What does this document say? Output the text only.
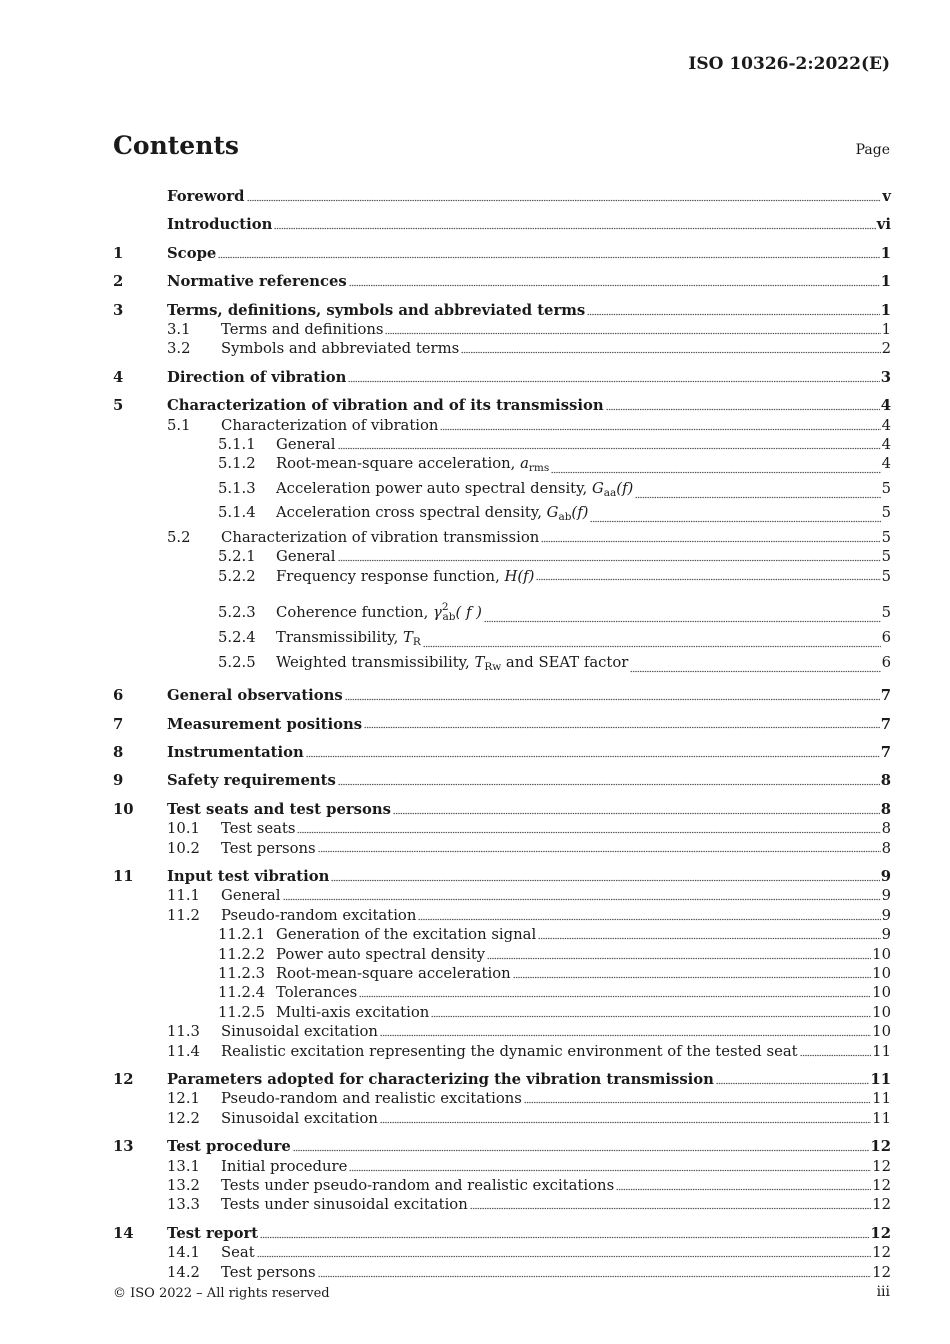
ISO 10326-2:2022(E)
Contents	Page
Foreword	v
Introduction	vi
1	Scope	1
2	Normative references	1
3	Terms, definitions, symbols and abbreviated terms	1
3.1	Terms and definitions	1
3.2	Symbols and abbreviated terms	2
4	Direction of vibration	3
5	Characterization of vibration and of its transmission	4
5.1	Characterization of vibration	4
5.1.1	General	4
5.1.2	Root-mean-square acceleration, $a_{rms}$	4
5.1.3	Acceleration power auto spectral density, $G_{aa}(f)$	5
5.1.4	Acceleration cross spectral density, $G_{ab}(f)$	5
5.2	Characterization of vibration transmission	5
5.2.1	General	5
5.2.2	Frequency response function, H(f)	5
5.2.3	Coherence function, $\gamma^2_{ab}$( f )	5
5.2.4	Transmissibility, $T_R$	6
5.2.5	Weighted transmissibility, $T_{Rw}$ and SEAT factor	6
6	General observations	7
7	Measurement positions	7
8	Instrumentation	7
9	Safety requirements	8
10	Test seats and test persons	8
10.1	Test seats	8
10.2	Test persons	8
11	Input test vibration	9
11.1	General	9
11.2	Pseudo-random excitation	9
11.2.1 Generation of the excitation signal	9
11.2.2 Power auto spectral density	10
11.2.3 Root-mean-square acceleration	10
11.2.4 Tolerances	10
11.2.5 Multi-axis excitation	10
11.3	Sinusoidal excitation	10
11.4	Realistic excitation representing the dynamic environment of the tested seat	11
12	Parameters adopted for characterizing the vibration transmission	11
12.1	Pseudo-random and realistic excitations	11
12.2	Sinusoidal excitation	11
13	Test procedure	12
13.1	Initial procedure	12
13.2	Tests under pseudo-random and realistic excitations	12
13.3	Tests under sinusoidal excitation	12
14	Test report	12
14.1	Seat	12
14.2	Test persons	12
© ISO 2022 – All rights reserved	iii
